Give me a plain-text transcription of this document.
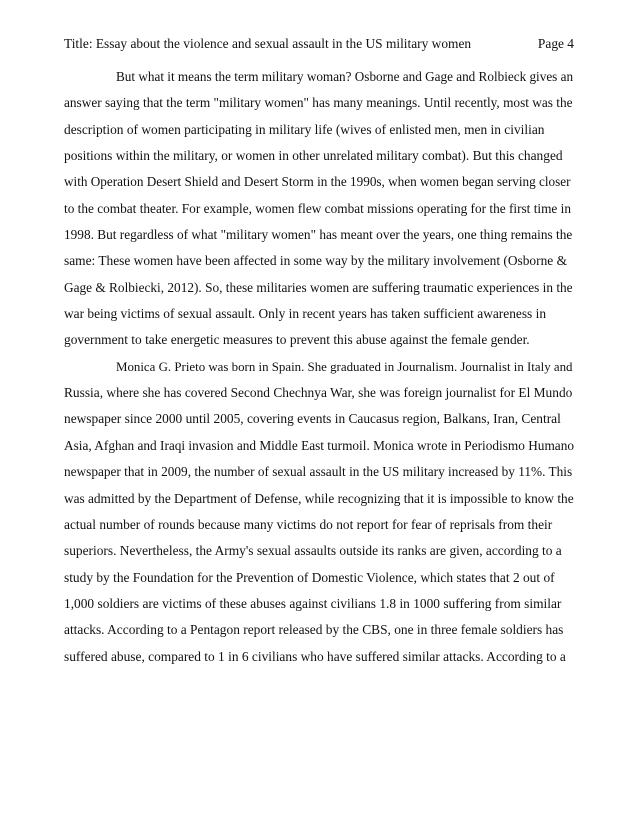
Title: Essay about the violence and sexual assault in the US military women	Page 4
But what it means the term military woman? Osborne and Gage and Rolbieck gives an
answer saying that the term "military women" has many meanings. Until recently, most was the
description of women participating in military life (wives of enlisted men, men in civilian
positions within the military, or women in other unrelated military combat). But this changed
with Operation Desert Shield and Desert Storm in the 1990s, when women began serving closer
to the combat theater. For example, women flew combat missions operating for the first time in
1998. But regardless of what "military women" has meant over the years, one thing remains the
same: These women have been affected in some way by the military involvement (Osborne &
Gage & Rolbiecki, 2012). So, these militaries women are suffering traumatic experiences in the
war being victims of sexual assault. Only in recent years has taken sufficient awareness in
government to take energetic measures to prevent this abuse against the female gender.
Monica G. Prieto was born in Spain. She graduated in Journalism. Journalist in Italy and
Russia, where she has covered Second Chechnya War, she was foreign journalist for El Mundo
newspaper since 2000 until 2005, covering events in Caucasus region, Balkans, Iran, Central
Asia, Afghan and Iraqi invasion and Middle East turmoil. Monica wrote in Periodismo Humano
newspaper that in 2009, the number of sexual assault in the US military increased by 11%. This
was admitted by the Department of Defense, while recognizing that it is impossible to know the
actual number of rounds because many victims do not report for fear of reprisals from their
superiors. Nevertheless, the Army's sexual assaults outside its ranks are given, according to a
study by the Foundation for the Prevention of Domestic Violence, which states that 2 out of
1,000 soldiers are victims of these abuses against civilians 1.8 in 1000 suffering from similar
attacks. According to a Pentagon report released by the CBS, one in three female soldiers has
suffered abuse, compared to 1 in 6 civilians who have suffered similar attacks. According to a
